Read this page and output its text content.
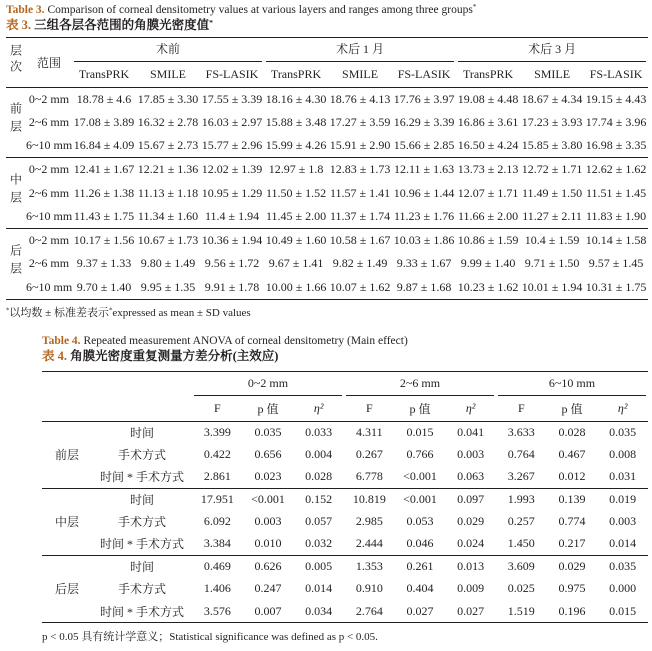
Table 3. Comparison of corneal densitometry values at various layers and ranges among three groups*
表 3. 三组各层各范围的角膜光密度值*
层次	范围	术前			术后 1 月			术后 3 月		

		TransPRK	SMILE	FS-LASIK	TransPRK	SMILE	FS-LASIK	TransPRK	SMILE	FS-LASIK
前层	0~2 mm	18.78 ± 4.6	17.85 ± 3.30	17.55 ± 3.39	18.16 ± 4.30	18.76 ± 4.13	17.76 ± 3.97	19.08 ± 4.48	18.67 ± 4.34	19.15 ± 4.43
	2~6 mm	17.08 ± 3.89	16.32 ± 2.78	16.03 ± 2.97	15.88 ± 3.48	17.27 ± 3.59	16.29 ± 3.39	16.86 ± 3.61	17.23 ± 3.93	17.74 ± 3.96
	6~10 mm	16.84 ± 4.09	15.67 ± 2.73	15.77 ± 2.96	15.99 ± 4.26	15.91 ± 2.90	15.66 ± 2.85	16.50 ± 4.24	15.85 ± 3.80	16.98 ± 3.35
中层	0~2 mm	12.41 ± 1.67	12.21 ± 1.36	12.02 ± 1.39	12.97 ± 1.8	12.83 ± 1.73	12.11 ± 1.63	13.73 ± 2.13	12.72 ± 1.71	12.62 ± 1.62
	2~6 mm	11.26 ± 1.38	11.13 ± 1.18	10.95 ± 1.29	11.50 ± 1.52	11.57 ± 1.41	10.96 ± 1.44	12.07 ± 1.71	11.49 ± 1.50	11.51 ± 1.45
	6~10 mm	11.43 ± 1.75	11.34 ± 1.60	11.4 ± 1.94	11.45 ± 2.00	11.37 ± 1.74	11.23 ± 1.76	11.66 ± 2.00	11.27 ± 2.11	11.83 ± 1.90
后层	0~2 mm	10.17 ± 1.56	10.67 ± 1.73	10.36 ± 1.94	10.49 ± 1.60	10.58 ± 1.67	10.03 ± 1.86	10.86 ± 1.59	10.4 ± 1.59	10.14 ± 1.58
	2~6 mm	9.37 ± 1.33	9.80 ± 1.49	9.56 ± 1.72	9.67 ± 1.41	9.82 ± 1.49	9.33 ± 1.67	9.99 ± 1.40	9.71 ± 1.50	9.57 ± 1.45
	6~10 mm	9.70 ± 1.40	9.95 ± 1.35	9.91 ± 1.78	10.00 ± 1.66	10.07 ± 1.62	9.87 ± 1.68	10.23 ± 1.62	10.01 ± 1.94	10.31 ± 1.75
*以均数 ± 标准差表示*expressed as mean ± SD values
Table 4. Repeated measurement ANOVA of corneal densitometry (Main effect)
表 4. 角膜光密度重复测量方差分析(主效应)

		0~2 mm			2~6 mm			6~10 mm		

		F	p 值	η²	F	p 值	η²	F	p 值	η²
前层	时间	3.399	0.035	0.033	4.311	0.015	0.041	3.633	0.028	0.035
	手术方式	0.422	0.656	0.004	0.267	0.766	0.003	0.764	0.467	0.008
	时间 * 手术方式	2.861	0.023	0.028	6.778	<0.001	0.063	3.267	0.012	0.031
中层	时间	17.951	<0.001	0.152	10.819	<0.001	0.097	1.993	0.139	0.019
	手术方式	6.092	0.003	0.057	2.985	0.053	0.029	0.257	0.774	0.003
	时间 * 手术方式	3.384	0.010	0.032	2.444	0.046	0.024	1.450	0.217	0.014
后层	时间	0.469	0.626	0.005	1.353	0.261	0.013	3.609	0.029	0.035
	手术方式	1.406	0.247	0.014	0.910	0.404	0.009	0.025	0.975	0.000
	时间 * 手术方式	3.576	0.007	0.034	2.764	0.027	0.027	1.519	0.196	0.015
p < 0.05 具有统计学意义；Statistical significance was defined as p < 0.05.
